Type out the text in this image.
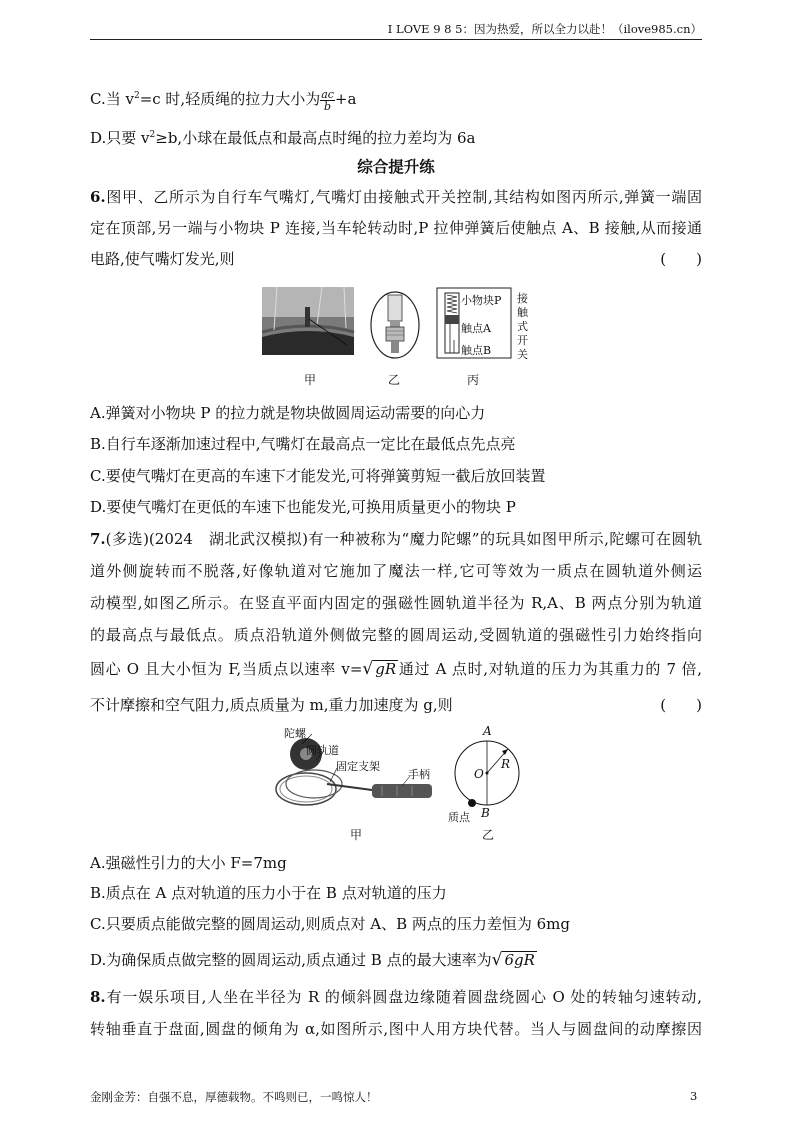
I LOVE 9 8 5：因为热爱，所以全力以赴！（ilove985.cn）
C.当 $v^2=c$ 时,轻质绳的拉力大小为 $\frac{ac}{b} +a$
D.只要 $v^2\ge b$,小球在最低点和最高点时绳的拉力差均为 6a
综合提升练
6.图甲、乙所示为自行车气嘴灯,气嘴灯由接触式开关控制,其结构如图丙所示,弹簧一端固
定在顶部,另一端与小物块 P 连接,当车轮转动时,P 拉伸弹簧后使触点 A、B 接触,从而接通
电路,使气嘴灯发光,则	(　　)
甲	乙	丙
小物块P
触点A
触点B
接
触
式
开
关
A.弹簧对小物块 P 的拉力就是物块做圆周运动需要的向心力
B.自行车逐渐加速过程中,气嘴灯在最高点一定比在最低点先点亮
C.要使气嘴灯在更高的车速下才能发光,可将弹簧剪短一截后放回装置
D.要使气嘴灯在更低的车速下也能发光,可换用质量更小的物块 P
7.(多选)(2024　湖北武汉模拟)有一种被称为“魔力陀螺”的玩具如图甲所示,陀螺可在圆轨
道外侧旋转而不脱落,好像轨道对它施加了魔法一样,它可等效为一质点在圆轨道外侧运
动模型,如图乙所示。在竖直平面内固定的强磁性圆轨道半径为 R,A、B 两点分别为轨道
的最高点与最低点。质点沿轨道外侧做完整的圆周运动,受圆轨道的强磁性引力始终指向
圆心 O 且大小恒为 F,当质点以速率 v=√ gR 通过 A 点时,对轨道的压力为其重力的 7 倍,
不计摩擦和空气阻力,质点质量为 m,重力加速度为 g,则	(　　)
陀螺
圆轨道
固定支架
手柄
甲	乙
A
B
O
R
质点
A.强磁性引力的大小 F=7mg
B.质点在 A 点对轨道的压力小于在 B 点对轨道的压力
C.只要质点能做完整的圆周运动,则质点对 A、B 两点的压力差恒为 6mg
D.为确保质点做完整的圆周运动,质点通过 B 点的最大速率为√ 6gR
8.有一娱乐项目,人坐在半径为 R 的倾斜圆盘边缘随着圆盘绕圆心 O 处的转轴匀速转动,
转轴垂直于盘面,圆盘的倾角为 α,如图所示,图中人用方块代替。当人与圆盘间的动摩擦因
金刚金芳：自强不息，厚德载物。不鸣则已，一鸣惊人！	3
